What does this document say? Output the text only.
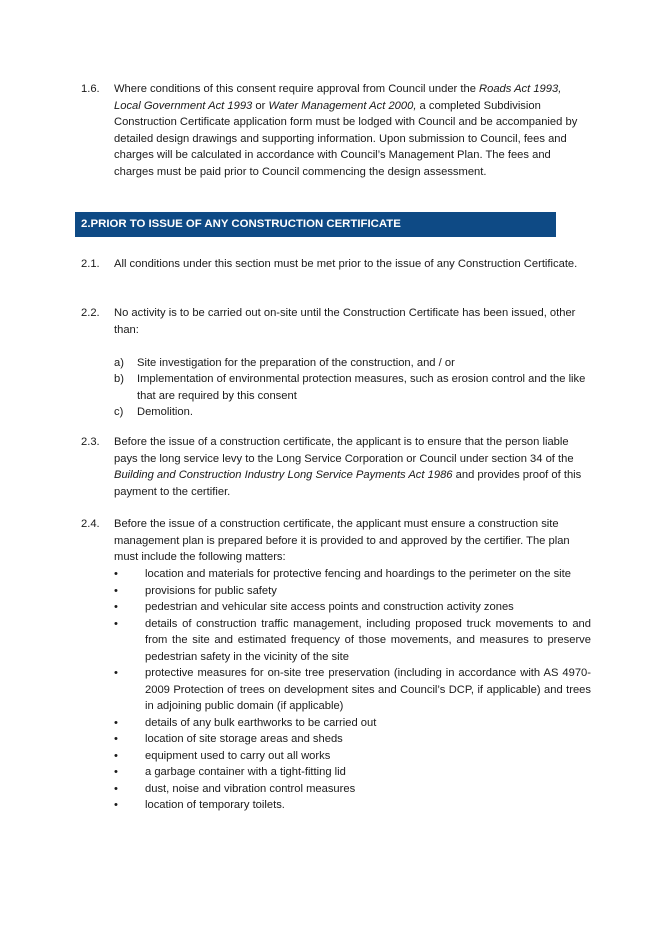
1.6.	Where conditions of this consent require approval from Council under the Roads Act 1993, Local Government Act 1993 or Water Management Act 2000, a completed Subdivision Construction Certificate application form must be lodged with Council and be accompanied by detailed design drawings and supporting information. Upon submission to Council, fees and charges will be calculated in accordance with Council’s Management Plan. The fees and charges must be paid prior to Council commencing the design assessment.
2.PRIOR TO ISSUE OF ANY CONSTRUCTION CERTIFICATE
2.1.	All conditions under this section must be met prior to the issue of any Construction Certificate.
2.2.	No activity is to be carried out on-site until the Construction Certificate has been issued, other than:
a) Site investigation for the preparation of the construction, and / or
b) Implementation of environmental protection measures, such as erosion control and the like that are required by this consent
c) Demolition.
2.3.	Before the issue of a construction certificate, the applicant is to ensure that the person liable pays the long service levy to the Long Service Corporation or Council under section 34 of the Building and Construction Industry Long Service Payments Act 1986 and provides proof of this payment to the certifier.
2.4.	Before the issue of a construction certificate, the applicant must ensure a construction site management plan is prepared before it is provided to and approved by the certifier. The plan must include the following matters:
•	location and materials for protective fencing and hoardings to the perimeter on the site
•	provisions for public safety
•	pedestrian and vehicular site access points and construction activity zones
•	details of construction traffic management, including proposed truck movements to and from the site and estimated frequency of those movements, and measures to preserve pedestrian safety in the vicinity of the site
•	protective measures for on-site tree preservation (including in accordance with AS 4970-2009 Protection of trees on development sites and Council’s DCP, if applicable) and trees in adjoining public domain (if applicable)
•	details of any bulk earthworks to be carried out
•	location of site storage areas and sheds
•	equipment used to carry out all works
•	a garbage container with a tight-fitting lid
•	dust, noise and vibration control measures
•	location of temporary toilets.
